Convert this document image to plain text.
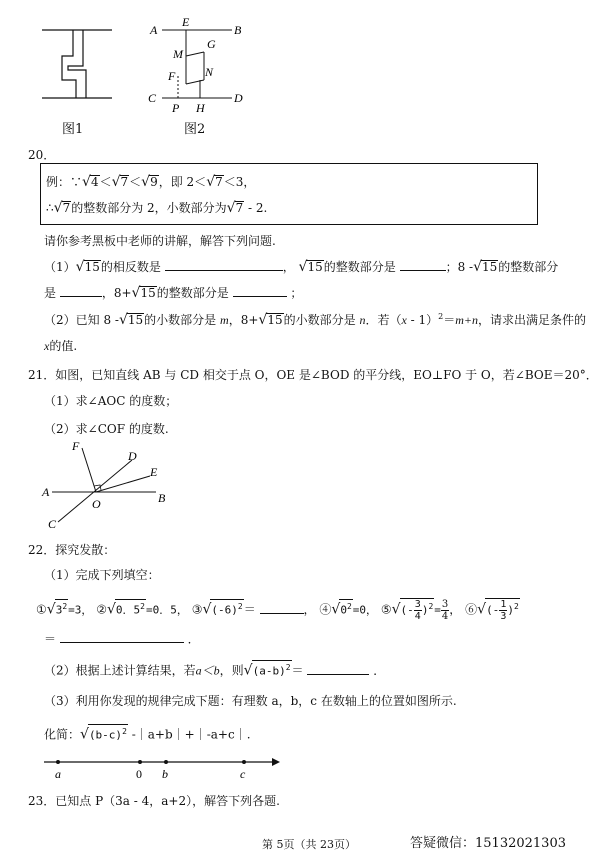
图1
A
E
B
M
G
F N
C
P H
D
图2
20．
例：∵√4＜√7＜√9，即 2＜√7＜3，
∴√7的整数部分为 2，小数部分为√7 - 2.
请你参考黑板中老师的讲解，解答下列问题.
（1）√15的相反数是	， √15的整数部分是	；8 -√15的整数部分
是	，8+√15的整数部分是	；
（2）已知 8 -√15的小数部分是 m，8+√15的小数部分是 n．若（x - 1）$^2$＝m+n，请求出满足条件的
x的值.
21．如图，已知直线 AB 与 CD 相交于点 O，OE 是∠BOD 的平分线，EO⊥FO 于 O，若∠BOE＝20°．
（1）求∠AOC 的度数；
（2）求∠COF 的度数.
F
D
E
A
O	B
C
22．探究发散：
（1）完成下列填空：
$①√3^2=3$， ②√0．$5^2=0$．5， $③√(-6)^2=$	， $④√0^2=0$， ⑤√(- $\frac{3}{4} )^2= \frac{3}{4}$ ， ⑥√(- $\frac{1}{3} )^2$
＝	．
（2）根据上述计算结果，若a＜b，则$√(a-b)^2=$	．
（3）利用你发现的规律完成下题：有理数 a，b，c 在数轴上的位置如图所示.
化简：$√(b-c)^2$ -｜a+b｜+｜-a+c｜.
a	0 b	c
23．已知点 P（3a - 4，a+2），解答下列各题.
第 5页（共 23页）	答疑微信：15132021303
